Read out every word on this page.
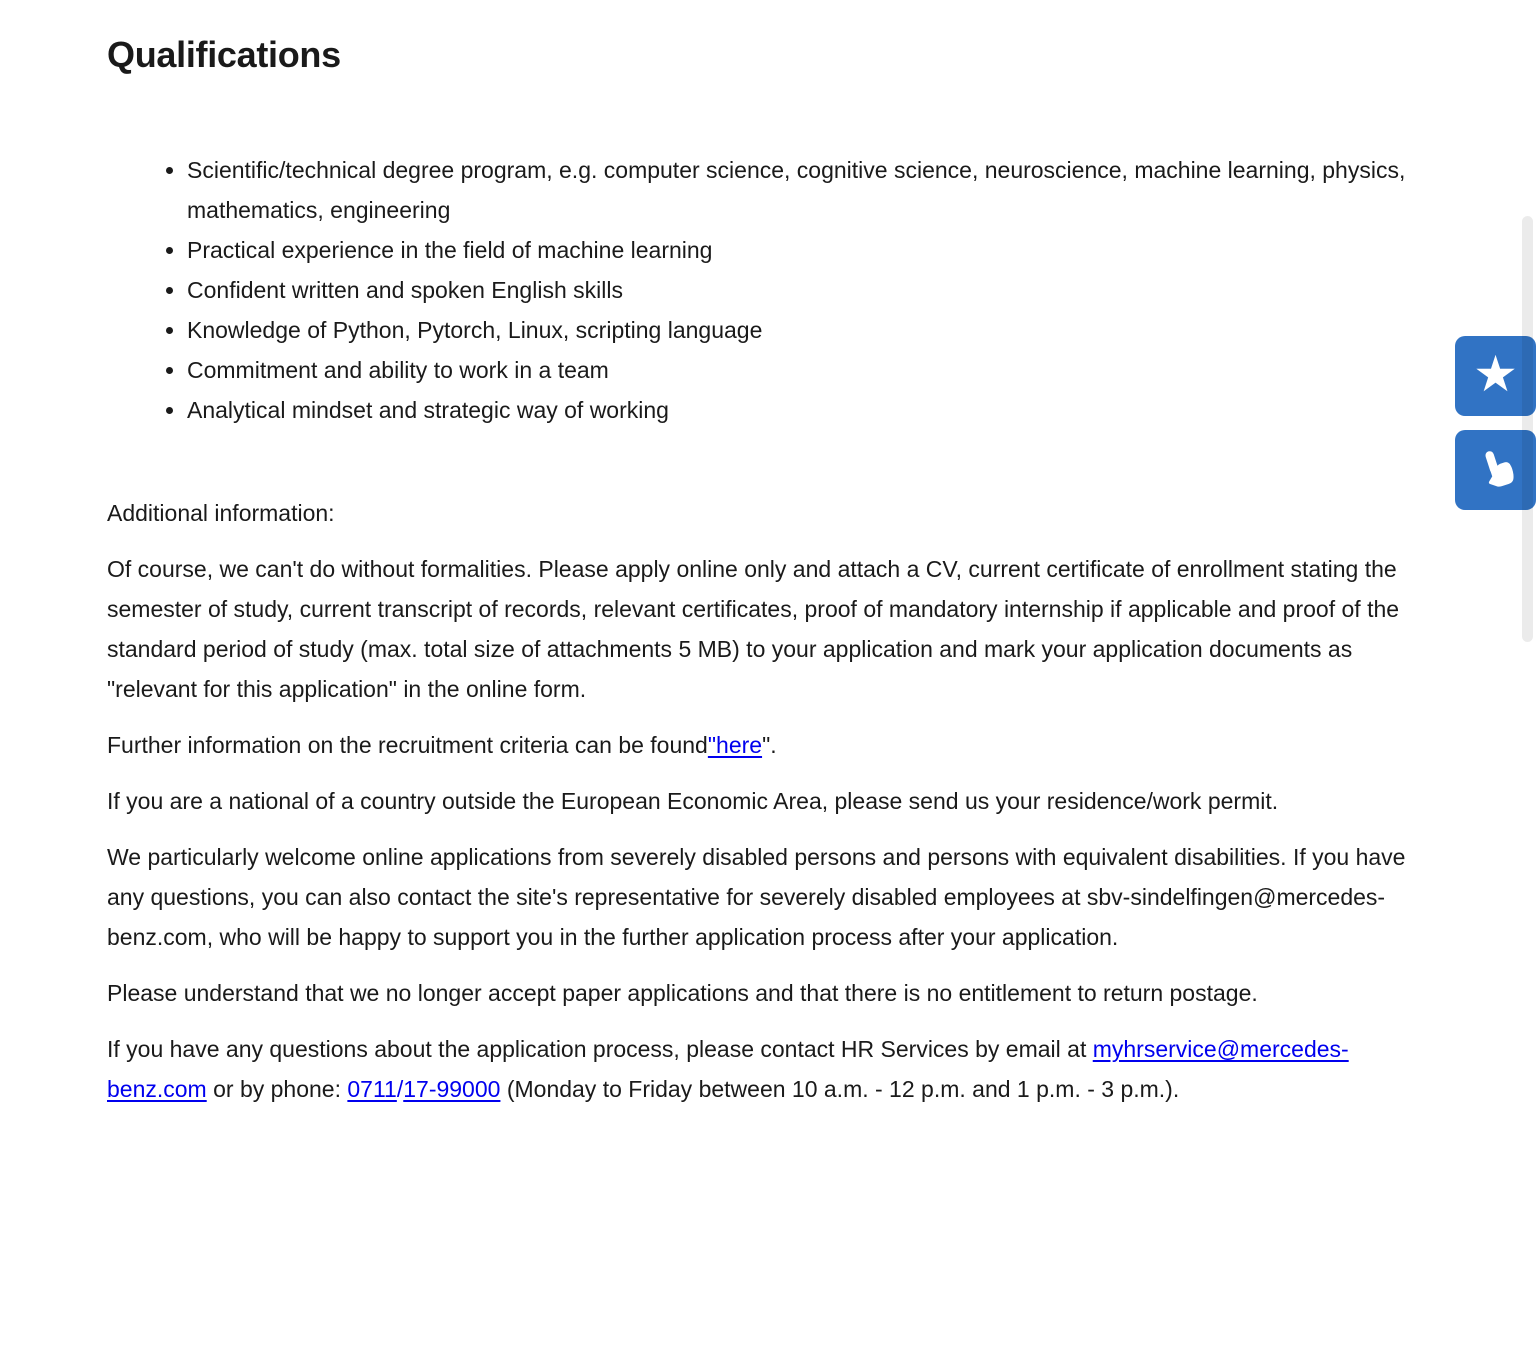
Qualifications
• Scientific/technical degree program, e.g. computer science, cognitive science, neuroscience, machine learning, physics, mathematics, engineering
• Practical experience in the field of machine learning
• Confident written and spoken English skills
• Knowledge of Python, Pytorch, Linux, scripting language
• Commitment and ability to work in a team
• Analytical mindset and strategic way of working

Additional information:

Of course, we can't do without formalities. Please apply online only and attach a CV, current certificate of enrollment stating the semester of study, current transcript of records, relevant certificates, proof of mandatory internship if applicable and proof of the standard period of study (max. total size of attachments 5 MB) to your application and mark your application documents as "relevant for this application" in the online form.

Further information on the recruitment criteria can be found"here".

If you are a national of a country outside the European Economic Area, please send us your residence/work permit.

We particularly welcome online applications from severely disabled persons and persons with equivalent disabilities. If you have any questions, you can also contact the site's representative for severely disabled employees at sbv-sindelfingen@mercedes-benz.com, who will be happy to support you in the further application process after your application.

Please understand that we no longer accept paper applications and that there is no entitlement to return postage.

If you have any questions about the application process, please contact HR Services by email at myhrservice@mercedes-benz.com or by phone: 0711/17-99000 (Monday to Friday between 10 a.m. - 12 p.m. and 1 p.m. - 3 p.m.).

★
